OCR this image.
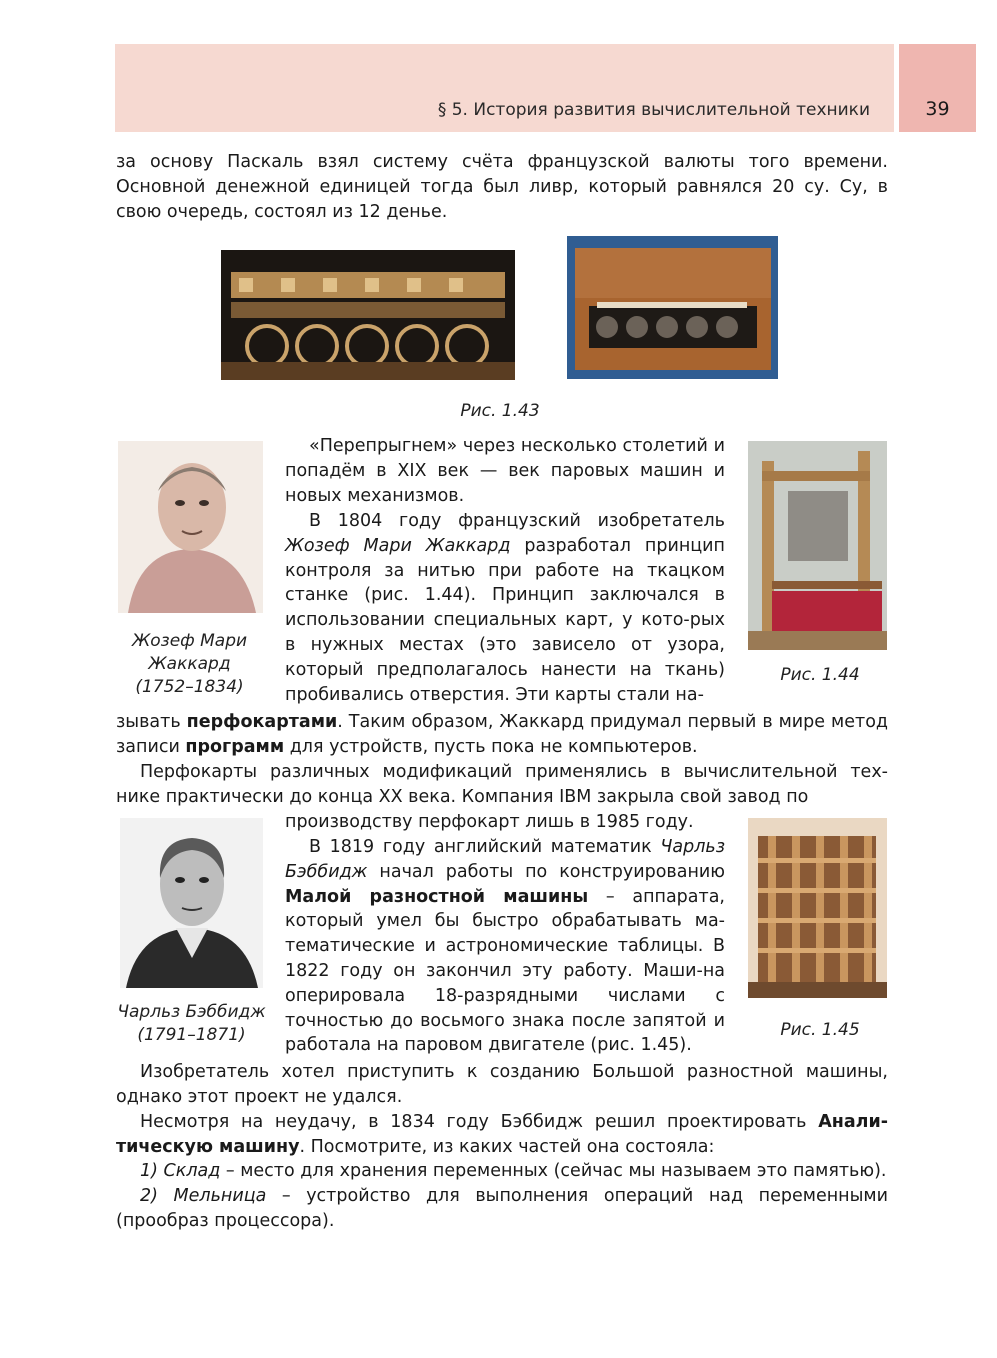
§ 5. История развития вычислительной техники	39

за основу Паскаль взял систему счёта французской валюты того времени. Основной денежной единицей тогда был ливр, который равнялся 20 су. Су, в свою очередь, состоял из 12 денье.

Рис. 1.43
Жозеф Мари
Жаккард
(1752–1834)

«Перепрыгнем» через несколько столетий и попадём в XIX век — век паровых машин и новых механизмов.

В 1804 году французский изобретатель Жозеф Мари Жаккард разработал принцип контроля за нитью при работе на ткацком станке (рис. 1.44). Принцип заключался в использовании специальных карт, у кото-рых в нужных местах (это зависело от узора, который предполагалось нанести на ткань) пробивались отверстия. Эти карты стали на-

Рис. 1.44

зывать перфокартами. Таким образом, Жаккард придумал первый в мире метод записи программ для устройств, пусть пока не компьютеров.

Перфокарты различных модификаций применялись в вычислительной тех-нике практически до конца XX века. Компания IBM закрыла свой завод по

производству перфокарт лишь в 1985 году.

Чарльз Бэббидж
(1791–1871)

В 1819 году английский математик Чарльз Бэббидж начал работы по конструированию Малой разностной машины – аппарата, который умел бы быстро обрабатывать ма-тематические и астрономические таблицы. В 1822 году он закончил эту работу. Маши-на оперировала 18-разрядными числами с точностью до восьмого знака после запятой и работала на паровом двигателе (рис. 1.45).

Рис. 1.45

Изобретатель хотел приступить к созданию Большой разностной машины, однако этот проект не удался.

Несмотря на неудачу, в 1834 году Бэббидж решил проектировать Анали-тическую машину. Посмотрите, из каких частей она состояла:

1) Склад – место для хранения переменных (сейчас мы называем это памятью).

2) Мельница – устройство для выполнения операций над переменными (прообраз процессора).
